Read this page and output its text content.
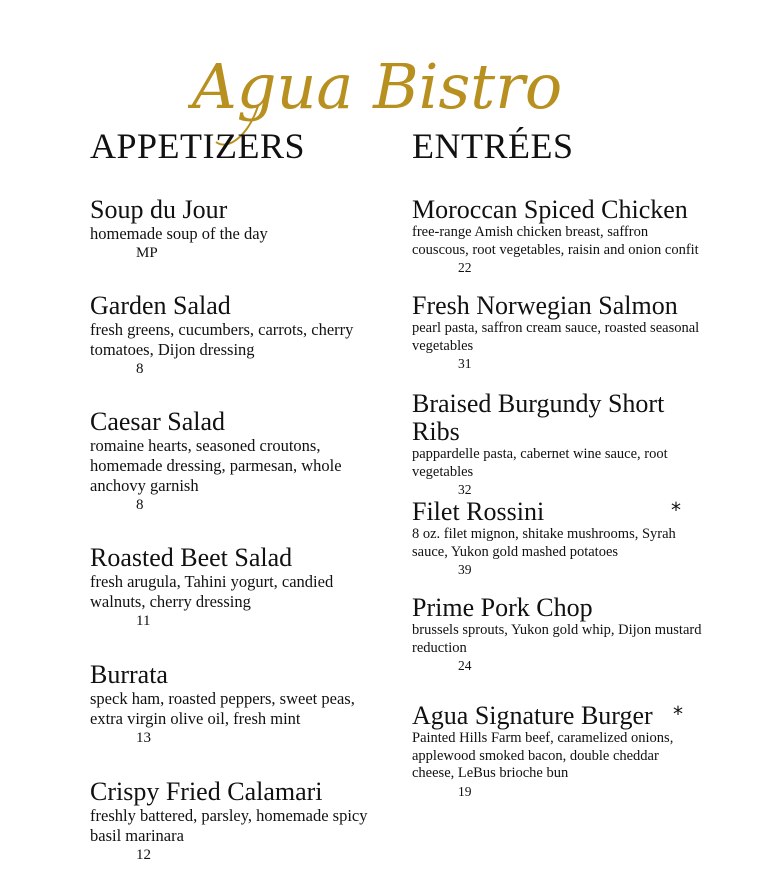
Agua Bistro
APPETIZERS	ENTRÉES

Soup du Jour

homemade soup of the day

MP

Garden Salad

fresh greens, cucumbers, carrots, cherry tomatoes, Dijon dressing

8

Caesar Salad

romaine hearts, seasoned croutons, homemade dressing, parmesan, whole anchovy garnish

8

Roasted Beet Salad

fresh arugula, Tahini yogurt, candied walnuts, cherry dressing

11

Burrata

speck ham, roasted peppers, sweet peas, extra virgin olive oil, fresh mint

13

Crispy Fried Calamari

freshly battered, parsley, homemade spicy basil marinara

12

Moroccan Spiced Chicken

free-range Amish chicken breast, saffron couscous, root vegetables, raisin and onion confit

22

Fresh Norwegian Salmon

pearl pasta, saffron cream sauce, roasted seasonal vegetables

31

Braised Burgundy Short Ribs

pappardelle pasta, cabernet wine sauce, root vegetables

32

Filet Rossini

8 oz. filet mignon, shitake mushrooms, Syrah sauce, Yukon gold mashed potatoes

39

Prime Pork Chop

brussels sprouts, Yukon gold whip, Dijon mustard reduction

24

Agua Signature Burger

Painted Hills Farm beef, caramelized onions, applewood smoked bacon, double cheddar cheese, LeBus brioche bun

19

*
*
